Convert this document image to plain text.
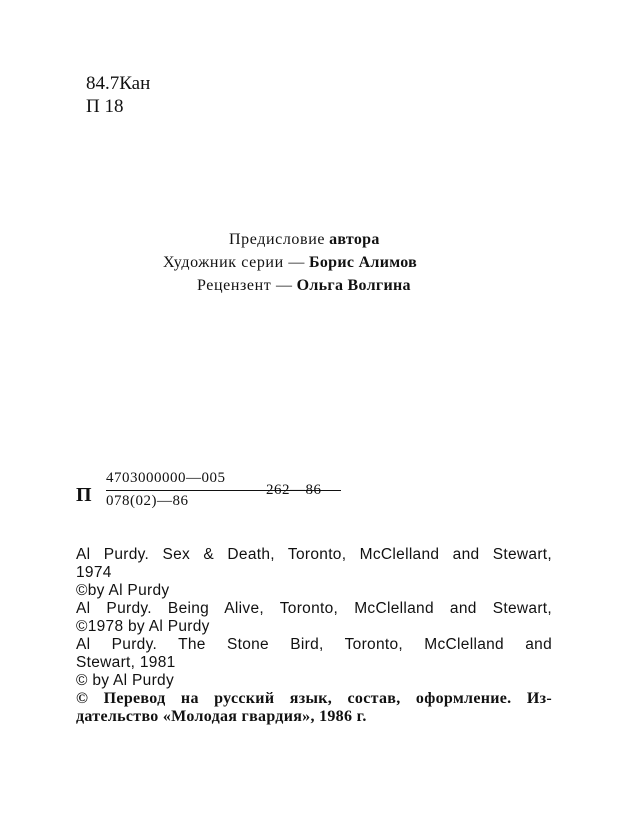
84.7Кан
П 18
Предисловие автора
Художник серии — Борис Алимов
Рецензент — Ольга Волгина
П
4703000000—005
078(02)—86
262—86
Al Purdy. Sex & Death, Toronto, McClelland and Stewart,
1974
©by Al Purdy
Al Purdy. Being Alive, Toronto, McClelland and Stewart,
©1978 by Al Purdy
Al Purdy. The Stone Bird, Toronto, McClelland and
Stewart, 1981
© by Al Purdy
© Перевод на русский язык, состав, оформление. Из-
дательство «Молодая гвардия», 1986 г.
